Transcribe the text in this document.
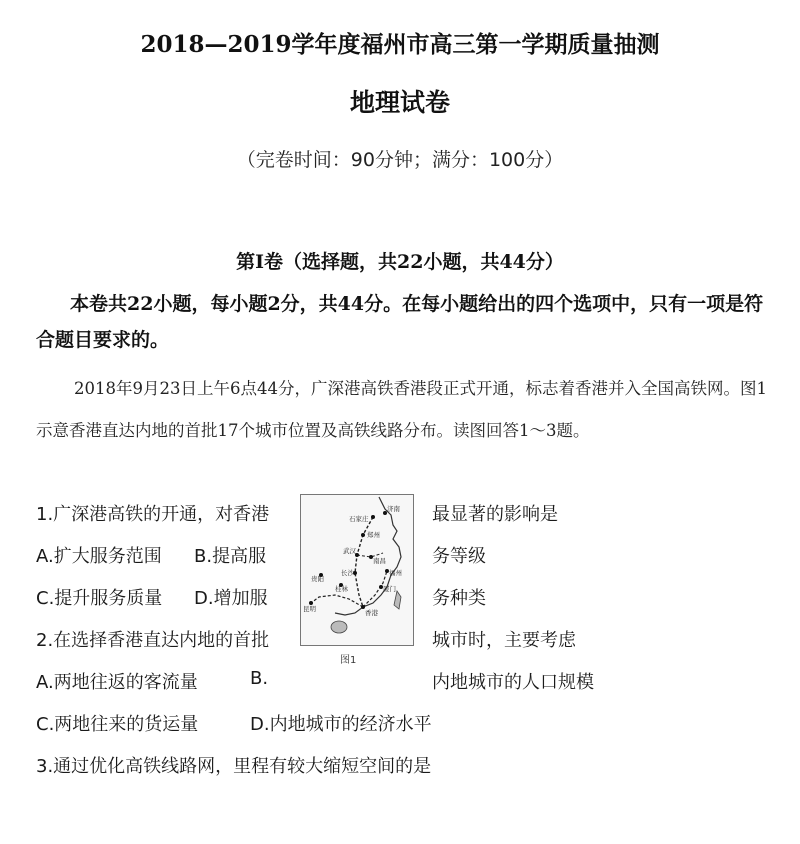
2018—2019学年度福州市高三第一学期质量抽测
地理试卷
（完卷时间：90分钟；满分：100分）
第Ⅰ卷（选择题，共22小题，共44分）
本卷共22小题，每小题2分，共44分。在每小题给出的四个选项中，只有一项是符合题目要求的。
2018年9月23日上午6点44分，广深港高铁香港段正式开通，标志着香港并入全国高铁网。图1示意香港直达内地的首批17个城市位置及高铁线路分布。读图回答1～3题。
1.广深港高铁的开通，对香港	最显著的影响是
A.扩大服务范围 B.提高服	务等级
C.提升服务质量 D.增加服	务种类
2.在选择香港直达内地的首批	城市时，主要考虑
A.两地往返的客流量	B.	内地城市的人口规模
C.两地往来的货运量	D.内地城市的经济水平
3.通过优化高铁线路网，里程有较大缩短空间的是
石家庄
济南
郑州
武汉
长沙
南昌
贵阳
桂林
昆明
福州
厦门
香港
图1
